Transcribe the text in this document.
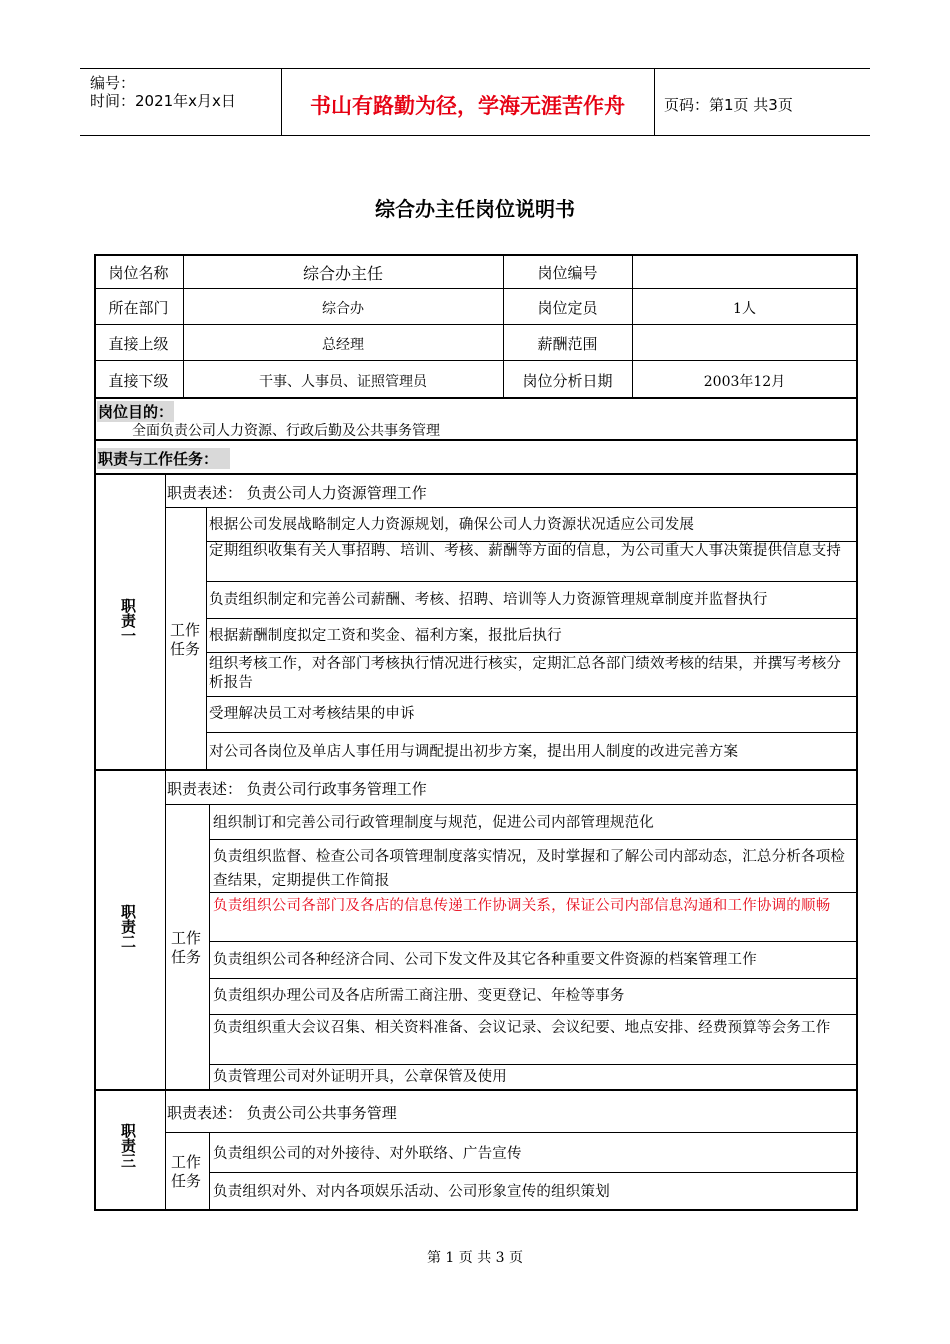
编号：
时间：2021年x月x日	书山有路勤为径，学海无涯苦作舟	页码：第1页 共3页
综合办主任岗位说明书
岗位名称	综合办主任	岗位编号
所在部门	综合办	岗位定员	1人
直接上级	总经理	薪酬范围
直接下级	干事、人事员、证照管理员	岗位分析日期	2003年12月
岗位目的：
全面负责公司人力资源、行政后勤及公共事务管理
职责与工作任务：
职责一
职责表述： 负责公司人力资源管理工作
工作任务
根据公司发展战略制定人力资源规划，确保公司人力资源状况适应公司发展
定期组织收集有关人事招聘、培训、考核、薪酬等方面的信息，为公司重大人事决策提供信息支持
负责组织制定和完善公司薪酬、考核、招聘、培训等人力资源管理规章制度并监督执行
根据薪酬制度拟定工资和奖金、福利方案，报批后执行
组织考核工作，对各部门考核执行情况进行核实，定期汇总各部门绩效考核的结果，并撰写考核分析报告
受理解决员工对考核结果的申诉
对公司各岗位及单店人事任用与调配提出初步方案，提出用人制度的改进完善方案
职责二
职责表述： 负责公司行政事务管理工作
工作任务
组织制订和完善公司行政管理制度与规范，促进公司内部管理规范化
负责组织监督、检查公司各项管理制度落实情况，及时掌握和了解公司内部动态，汇总分析各项检查结果，定期提供工作简报
负责组织公司各部门及各店的信息传递工作协调关系，保证公司内部信息沟通和工作协调的顺畅
负责组织公司各种经济合同、公司下发文件及其它各种重要文件资源的档案管理工作
负责组织办理公司及各店所需工商注册、变更登记、年检等事务
负责组织重大会议召集、相关资料准备、会议记录、会议纪要、地点安排、经费预算等会务工作
负责管理公司对外证明开具，公章保管及使用
职责三
职责表述： 负责公司公共事务管理
工作任务
负责组织公司的对外接待、对外联络、广告宣传
负责组织对外、对内各项娱乐活动、公司形象宣传的组织策划
第 1 页 共 3 页
